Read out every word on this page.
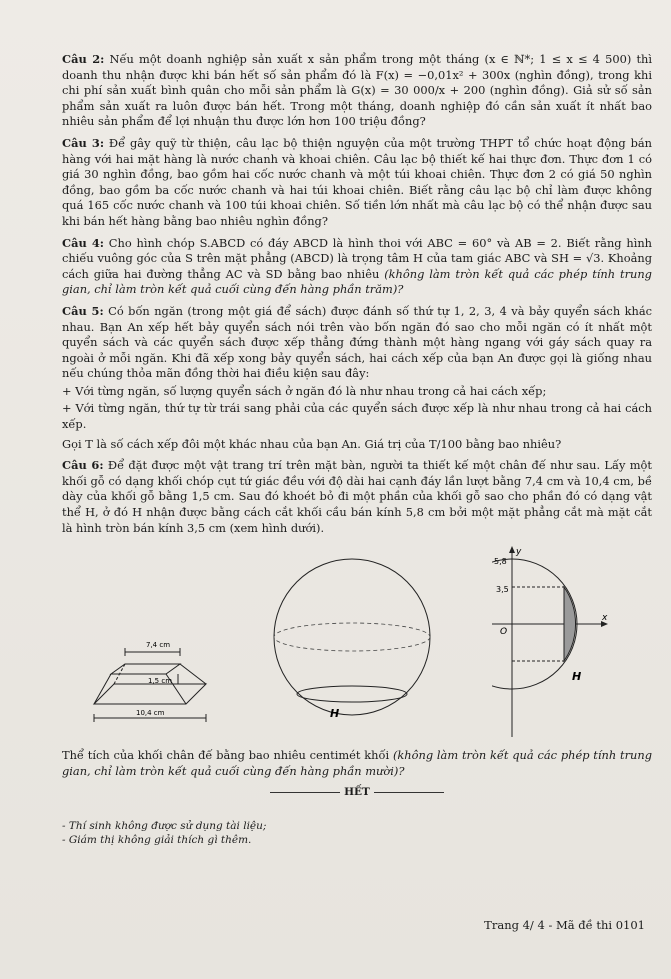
Câu 2: Nếu một doanh nghiệp sản xuất x sản phẩm trong một tháng (x ∈ ℕ*; 1 ≤ x ≤ 4 500) thì doanh thu nhận được khi bán hết số sản phẩm đó là F(x) = −0,01x² + 300x (nghìn đồng), trong khi chi phí sản xuất bình quân cho mỗi sản phẩm là G(x) = 30 000/x + 200 (nghìn đồng). Giả sử số sản phẩm sản xuất ra luôn được bán hết. Trong một tháng, doanh nghiệp đó cần sản xuất ít nhất bao nhiêu sản phẩm để lợi nhuận thu được lớn hơn 100 triệu đồng?

Câu 3: Để gây quỹ từ thiện, câu lạc bộ thiện nguyện của một trường THPT tổ chức hoạt động bán hàng với hai mặt hàng là nước chanh và khoai chiên. Câu lạc bộ thiết kế hai thực đơn. Thực đơn 1 có giá 30 nghìn đồng, bao gồm hai cốc nước chanh và một túi khoai chiên. Thực đơn 2 có giá 50 nghìn đồng, bao gồm ba cốc nước chanh và hai túi khoai chiên. Biết rằng câu lạc bộ chỉ làm được không quá 165 cốc nước chanh và 100 túi khoai chiên. Số tiền lớn nhất mà câu lạc bộ có thể nhận được sau khi bán hết hàng bằng bao nhiêu nghìn đồng?

Câu 4: Cho hình chóp S.ABCD có đáy ABCD là hình thoi với ABC = 60° và AB = 2. Biết rằng hình chiếu vuông góc của S trên mặt phẳng (ABCD) là trọng tâm H của tam giác ABC và SH = √3. Khoảng cách giữa hai đường thẳng AC và SD bằng bao nhiêu (không làm tròn kết quả các phép tính trung gian, chỉ làm tròn kết quả cuối cùng đến hàng phần trăm)?

Câu 5: Có bốn ngăn (trong một giá để sách) được đánh số thứ tự 1, 2, 3, 4 và bảy quyển sách khác nhau. Bạn An xếp hết bảy quyển sách nói trên vào bốn ngăn đó sao cho mỗi ngăn có ít nhất một quyển sách và các quyển sách được xếp thẳng đứng thành một hàng ngang với gáy sách quay ra ngoài ở mỗi ngăn. Khi đã xếp xong bảy quyển sách, hai cách xếp của bạn An được gọi là giống nhau nếu chúng thỏa mãn đồng thời hai điều kiện sau đây:

+ Với từng ngăn, số lượng quyển sách ở ngăn đó là như nhau trong cả hai cách xếp;

+ Với từng ngăn, thứ tự từ trái sang phải của các quyển sách được xếp là như nhau trong cả hai cách xếp.

Gọi T là số cách xếp đôi một khác nhau của bạn An. Giá trị của T/100 bằng bao nhiêu?

Câu 6: Để đặt được một vật trang trí trên mặt bàn, người ta thiết kế một chân đế như sau. Lấy một khối gỗ có dạng khối chóp cụt tứ giác đều với độ dài hai cạnh đáy lần lượt bằng 7,4 cm và 10,4 cm, bề dày của khối gỗ bằng 1,5 cm. Sau đó khoét bỏ đi một phần của khối gỗ sao cho phần đó có dạng vật thể H, ở đó H nhận được bằng cách cắt khối cầu bán kính 5,8 cm bởi một mặt phẳng cắt mà mặt cắt là hình tròn bán kính 3,5 cm (xem hình dưới).

7,4 cm
1,5 cm
10,4 cm	H
y
x
O
5,8
3,5
H

Thể tích của khối chân đế bằng bao nhiêu centimét khối (không làm tròn kết quả các phép tính trung gian, chỉ làm tròn kết quả cuối cùng đến hàng phần mười)?

HẾT
- Thí sinh không được sử dụng tài liệu;
- Giám thị không giải thích gì thêm.
Trang 4/ 4 - Mã đề thi 0101
